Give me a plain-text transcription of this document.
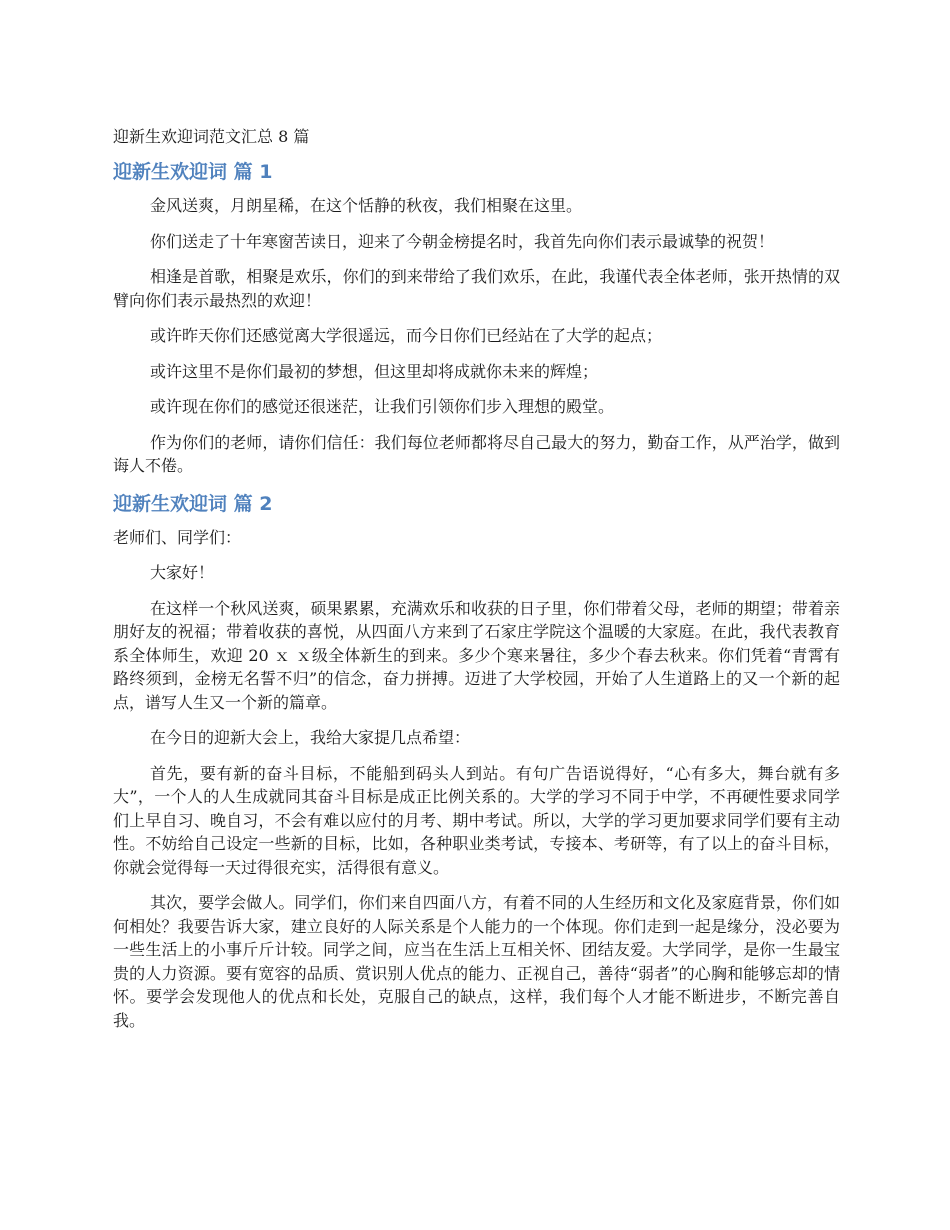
迎新生欢迎词范文汇总 8 篇
迎新生欢迎词 篇 1

金风送爽，月朗星稀，在这个恬静的秋夜，我们相聚在这里。

你们送走了十年寒窗苦读日，迎来了今朝金榜提名时，我首先向你们表示最诚挚的祝贺！

相逢是首歌，相聚是欢乐，你们的到来带给了我们欢乐，在此，我谨代表全体老师，张开热情的双臂向你们表示最热烈的欢迎！

或许昨天你们还感觉离大学很遥远，而今日你们已经站在了大学的起点；

或许这里不是你们最初的梦想，但这里却将成就你未来的辉煌；

或许现在你们的感觉还很迷茫，让我们引领你们步入理想的殿堂。

作为你们的老师，请你们信任：我们每位老师都将尽自己最大的努力，勤奋工作，从严治学，做到诲人不倦。

迎新生欢迎词 篇 2

老师们、同学们：

大家好！

在这样一个秋风送爽，硕果累累，充满欢乐和收获的日子里，你们带着父母，老师的期望；带着亲朋好友的祝福；带着收获的喜悦，从四面八方来到了石家庄学院这个温暖的大家庭。在此，我代表教育系全体师生，欢迎 20 ｘ ｘ级全体新生的到来。多少个寒来暑往，多少个春去秋来。你们凭着“青霄有路终须到，金榜无名誓不归”的信念，奋力拼搏。迈进了大学校园，开始了人生道路上的又一个新的起点，谱写人生又一个新的篇章。

在今日的迎新大会上，我给大家提几点希望：

首先，要有新的奋斗目标，不能船到码头人到站。有句广告语说得好，“心有多大，舞台就有多大”，一个人的人生成就同其奋斗目标是成正比例关系的。大学的学习不同于中学，不再硬性要求同学们上早自习、晚自习，不会有难以应付的月考、期中考试。所以，大学的学习更加要求同学们要有主动性。不妨给自己设定一些新的目标，比如，各种职业类考试，专接本、考研等，有了以上的奋斗目标，你就会觉得每一天过得很充实，活得很有意义。

其次，要学会做人。同学们，你们来自四面八方，有着不同的人生经历和文化及家庭背景，你们如何相处？我要告诉大家，建立良好的人际关系是个人能力的一个体现。你们走到一起是缘分，没必要为一些生活上的小事斤斤计较。同学之间，应当在生活上互相关怀、团结友爱。大学同学，是你一生最宝贵的人力资源。要有宽容的品质、赏识别人优点的能力、正视自己，善待“弱者”的心胸和能够忘却的情怀。要学会发现他人的优点和长处，克服自己的缺点，这样，我们每个人才能不断进步，不断完善自我。
